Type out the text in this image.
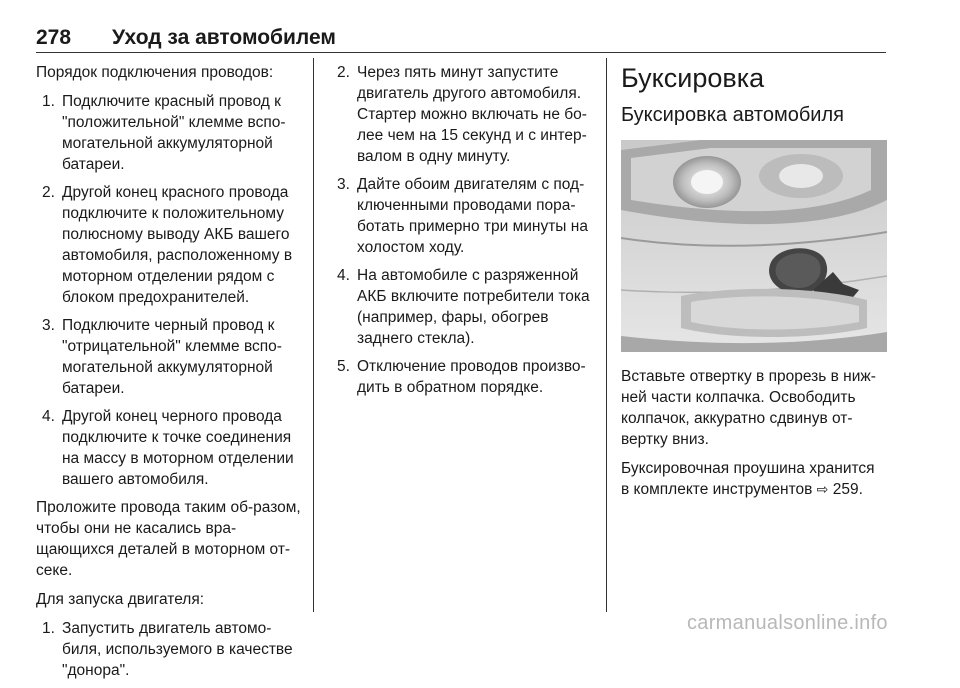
278 Уход за автомобилем

Порядок подключения проводов:

1. Подключите красный провод к "положительной" клемме вспо-могательной аккумуляторной батареи.
2. Другой конец красного провода подключите к положительному полюсному выводу АКБ вашего автомобиля, расположенному в моторном отделении рядом с блоком предохранителей.
3. Подключите черный провод к "отрицательной" клемме вспо-могательной аккумуляторной батареи.
4. Другой конец черного провода подключите к точке соединения на массу в моторном отделении вашего автомобиля.

Проложите провода таким об-разом, чтобы они не касались вра-щающихся деталей в моторном от-секе.

Для запуска двигателя:

1. Запустить двигатель автомо-биля, используемого в качестве "донора".
2. Через пять минут запустите двигатель другого автомобиля. Стартер можно включать не бо-лее чем на 15 секунд и с интер-валом в одну минуту.
3. Дайте обоим двигателям с под-ключенными проводами пора-ботать примерно три минуты на холостом ходу.
4. На автомобиле с разряженной АКБ включите потребители тока (например, фары, обогрев заднего стекла).
5. Отключение проводов произво-дить в обратном порядке.
Буксировка
Буксировка автомобиля

Вставьте отвертку в прорезь в ниж-ней части колпачка. Освободить колпачок, аккуратно сдвинув от-вертку вниз.

Буксировочная проушина хранится в комплекте инструментов ⇨ 259.

carmanualsonline.info
